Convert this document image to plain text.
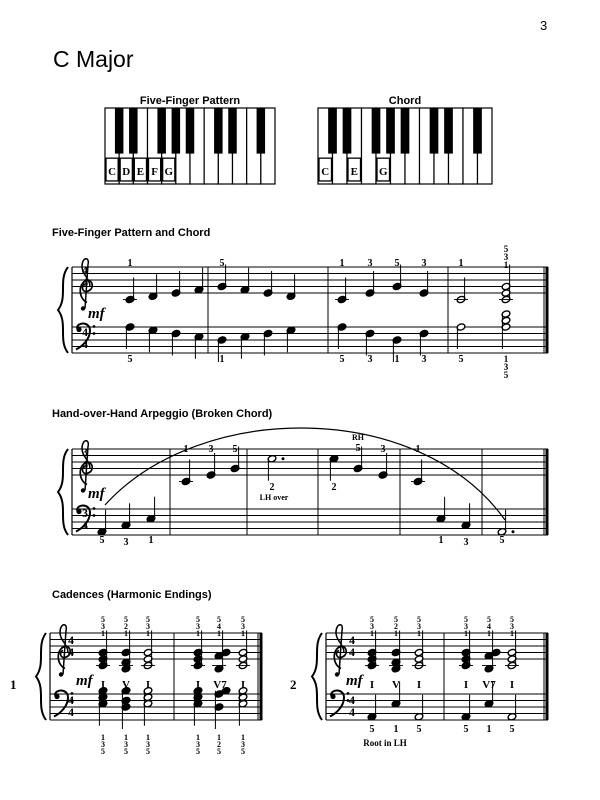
3
C Major
Five-Finger Pattern	Chord
Five-Finger Pattern and Chord
Hand-over-Hand Arpeggio (Broken Chord)
Cadences (Harmonic Endings)
C D E F G	C E G
1	5	1 3 5 3	1
5
3
1
mf
5	1	5 3 1 3	5	1
3
5
4
4
4
4
1 3 5
RH
5 3	1
2
LH over
2
mf
5 3 1	1 3	5
3
4
3
4
1	2
4
4
4
4
4
4
4
4
mf	mf
5
3
1
5
2
1
5
3
1
5
3
1
5
4
1
5
3
1
I V I	I V7 I
1
3
5
1
3
5
1
3
5
1
3
5
1
2
5
1
3
5
5
3
1
5
2
1
5
3
1
5
3
1
5
4
1
5
3
1
I V I	I V7 I
5 1 5	5 1 5
Root in LH
